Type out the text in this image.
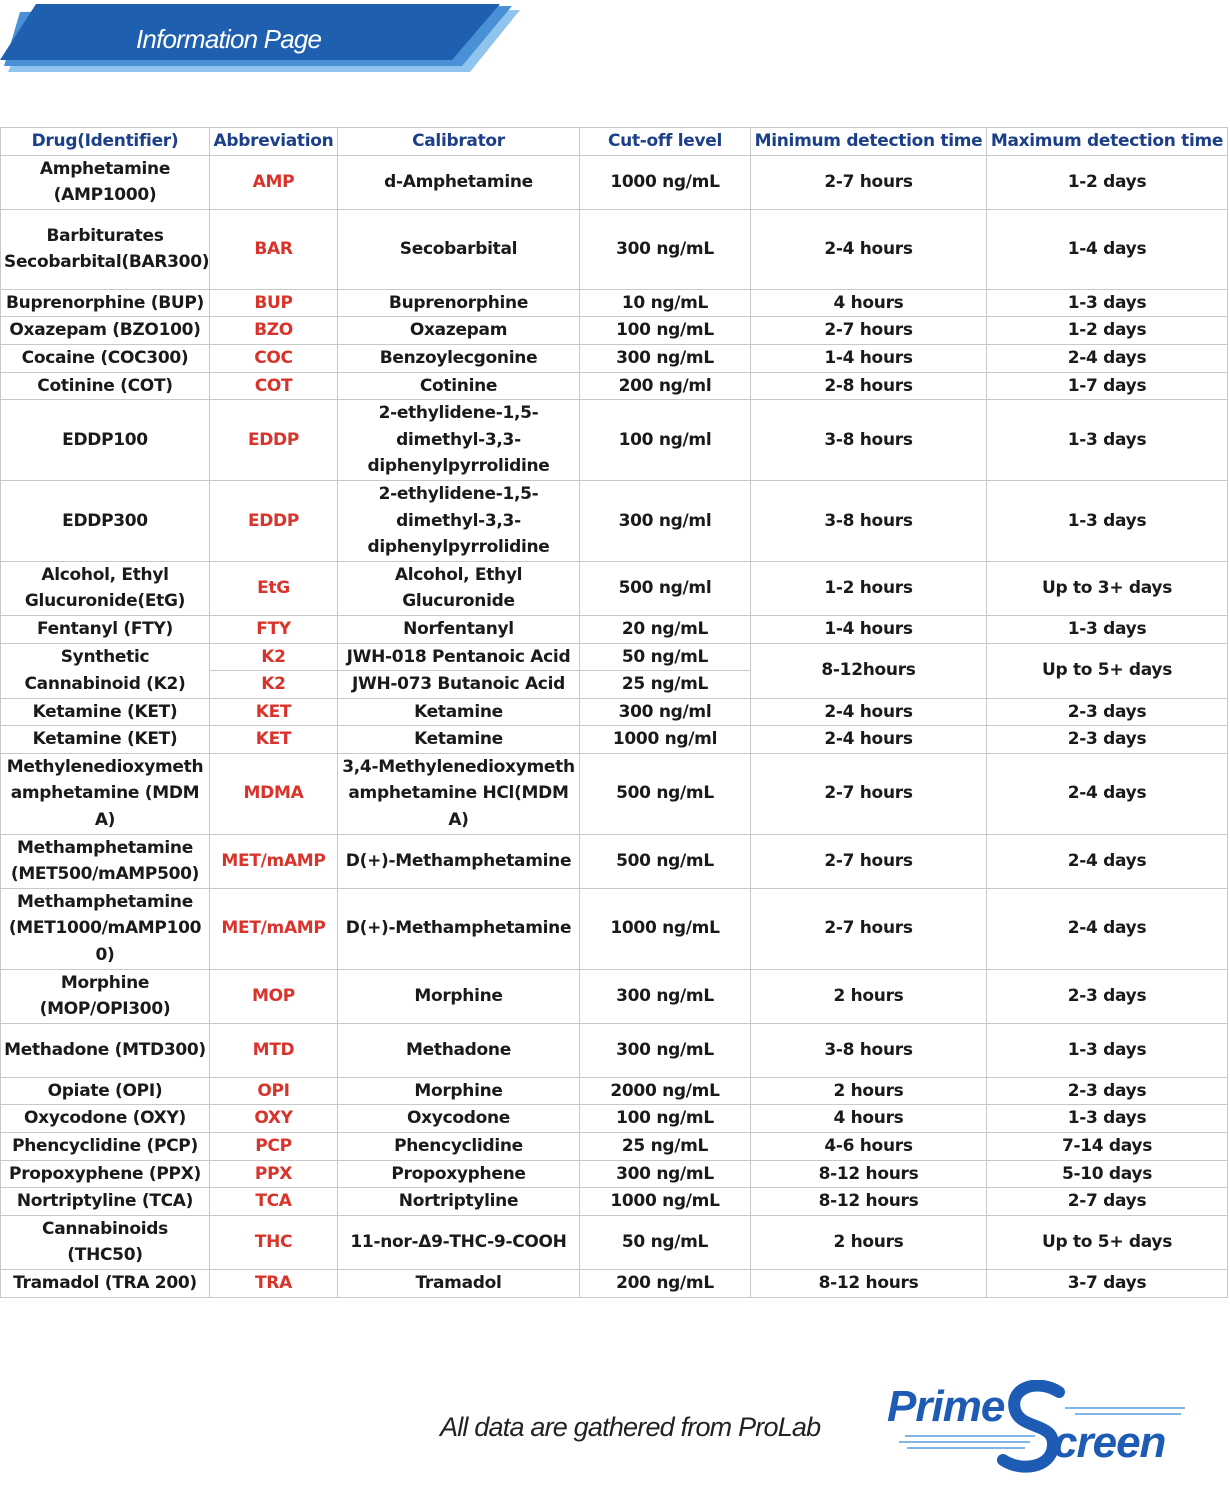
Information Page
Drug(Identifier)	Abbreviation	Calibrator	Cut-off level	Minimum detection time	Maximum detection time
Amphetamine (AMP1000)	AMP	d-Amphetamine	1000 ng/mL	2-7 hours	1-2 days
Barbiturates Secobarbital(BAR300)	BAR	Secobarbital	300 ng/mL	2-4 hours	1-4 days
Buprenorphine (BUP)	BUP	Buprenorphine	10 ng/mL	4 hours	1-3 days
Oxazepam (BZO100)	BZO	Oxazepam	100 ng/mL	2-7 hours	1-2 days
Cocaine (COC300)	COC	Benzoylecgonine	300 ng/mL	1-4 hours	2-4 days
Cotinine (COT)	COT	Cotinine	200 ng/ml	2-8 hours	1-7 days
EDDP100	EDDP	2-ethylidene-1,5-dimethyl-3,3-diphenylpyrrolidine	100 ng/ml	3-8 hours	1-3 days
EDDP300	EDDP	2-ethylidene-1,5-dimethyl-3,3-diphenylpyrrolidine	300 ng/ml	3-8 hours	1-3 days
Alcohol, Ethyl Glucuronide(EtG)	EtG	Alcohol, Ethyl Glucuronide	500 ng/ml	1-2 hours	Up to 3+ days
Fentanyl (FTY)	FTY	Norfentanyl	20 ng/mL	1-4 hours	1-3 days
Synthetic Cannabinoid (K2)	K2	JWH-018 Pentanoic Acid	50 ng/mL	8-12hours	Up to 5+ days
	K2	JWH-073 Butanoic Acid	25 ng/mL		
Ketamine (KET)	KET	Ketamine	300 ng/ml	2-4 hours	2-3 days
Ketamine (KET)	KET	Ketamine	1000 ng/ml	2-4 hours	2-3 days
Methylenedioxymethamphetamine (MDMA)	MDMA	3,4-Methylenedioxymethamphetamine HCl(MDMA)	500 ng/mL	2-7 hours	2-4 days
Methamphetamine (MET500/mAMP500)	MET/mAMP	D(+)-Methamphetamine	500 ng/mL	2-7 hours	2-4 days
Methamphetamine (MET1000/mAMP1000)	MET/mAMP	D(+)-Methamphetamine	1000 ng/mL	2-7 hours	2-4 days
Morphine (MOP/OPI300)	MOP	Morphine	300 ng/mL	2 hours	2-3 days
Methadone (MTD300)	MTD	Methadone	300 ng/mL	3-8 hours	1-3 days
Opiate (OPI)	OPI	Morphine	2000 ng/mL	2 hours	2-3 days
Oxycodone (OXY)	OXY	Oxycodone	100 ng/mL	4 hours	1-3 days
Phencyclidine (PCP)	PCP	Phencyclidine	25 ng/mL	4-6 hours	7-14 days
Propoxyphene (PPX)	PPX	Propoxyphene	300 ng/mL	8-12 hours	5-10 days
Nortriptyline (TCA)	TCA	Nortriptyline	1000 ng/mL	8-12 hours	2-7 days
Cannabinoids (THC50)	THC	11-nor-Δ9-THC-9-COOH	50 ng/mL	2 hours	Up to 5+ days
Tramadol (TRA 200)	TRA	Tramadol	200 ng/mL	8-12 hours	3-7 days
All data are gathered from ProLab Prime
creen
